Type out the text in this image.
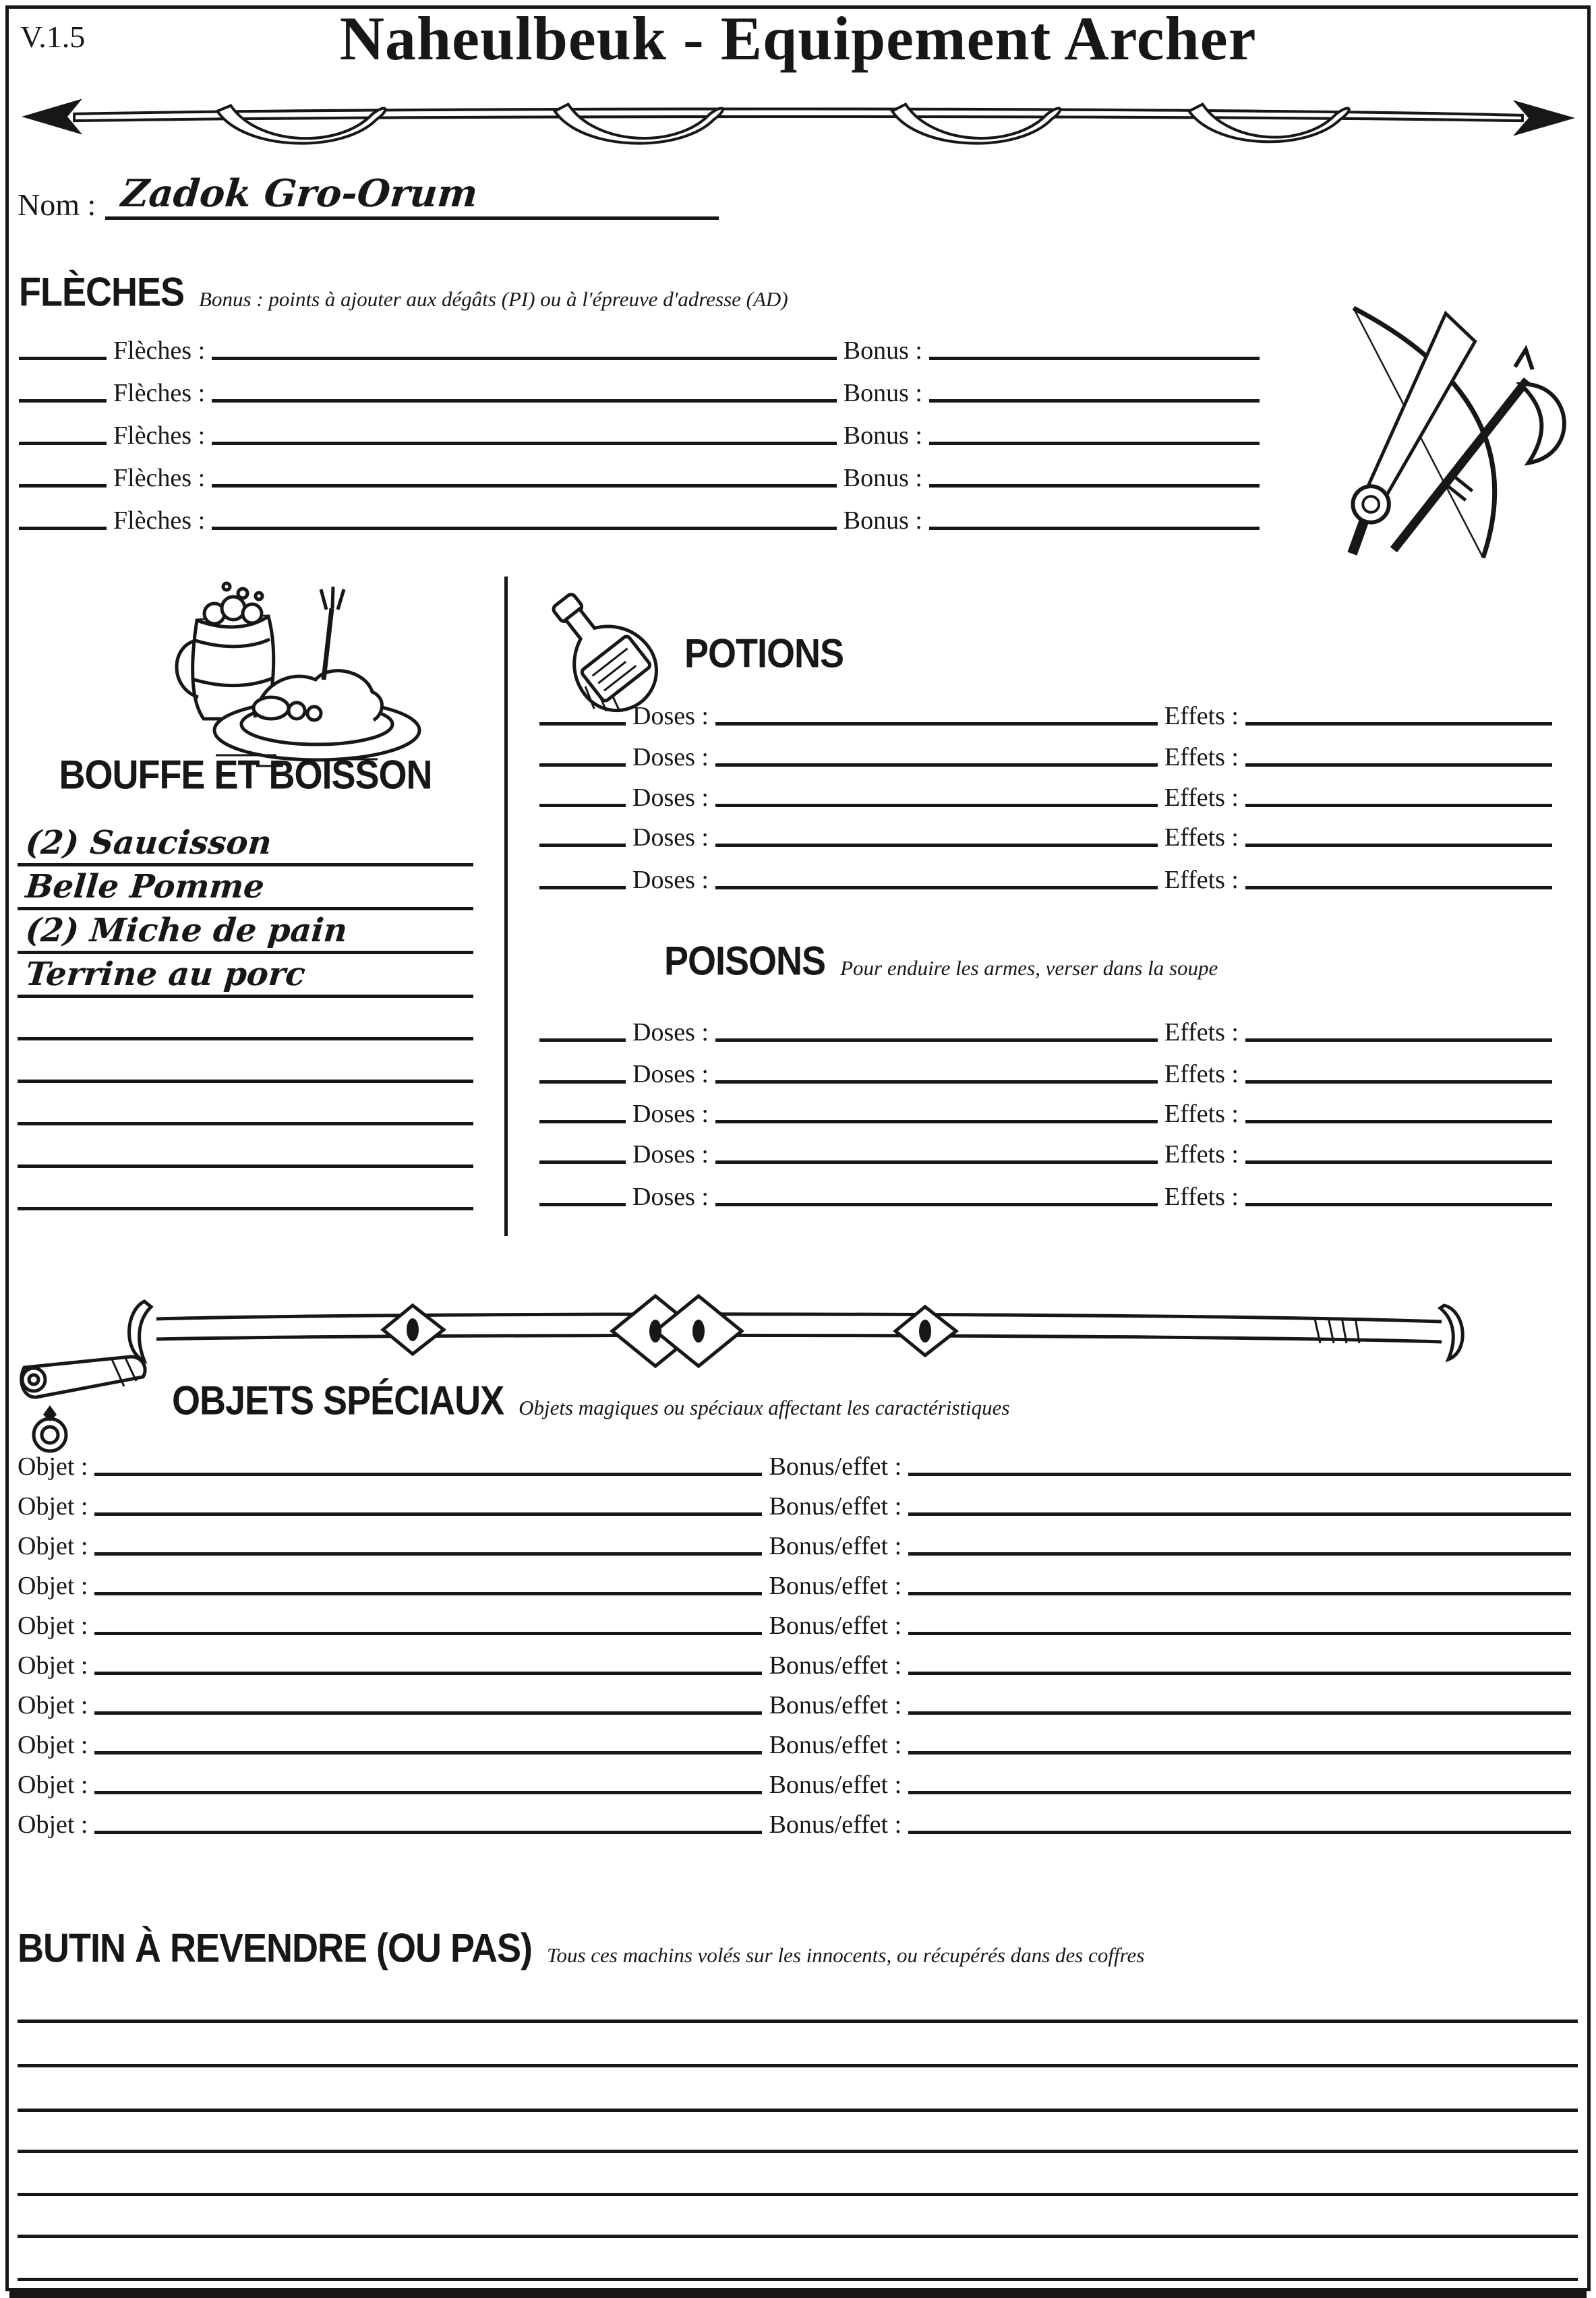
V.1.5	Naheulbeuk - Equipement Archer
Nom : Zadok Gro-Orum
FLÈCHES Bonus : points à ajouter aux dégâts (PI) ou à l'épreuve d'adresse (AD)
Flèches :	Bonus :
Flèches :	Bonus :
Flèches :	Bonus :
Flèches :	Bonus :
Flèches :	Bonus :
BOUFFE ET BOISSON
(2) Saucisson
Belle Pomme
(2) Miche de pain
Terrine au porc
POTIONS
Doses :	Effets :
Doses :	Effets :
Doses :	Effets :
Doses :	Effets :
Doses :	Effets :
POISONS Pour enduire les armes, verser dans la soupe
Doses :	Effets :
Doses :	Effets :
Doses :	Effets :
Doses :	Effets :
Doses :	Effets :
OBJETS SPÉCIAUX Objets magiques ou spéciaux affectant les caractéristiques
Objet :	Bonus/effet :
Objet :	Bonus/effet :
Objet :	Bonus/effet :
Objet :	Bonus/effet :
Objet :	Bonus/effet :
Objet :	Bonus/effet :
Objet :	Bonus/effet :
Objet :	Bonus/effet :
Objet :	Bonus/effet :
Objet :	Bonus/effet :
BUTIN À REVENDRE (OU PAS) Tous ces machins volés sur les innocents, ou récupérés dans des coffres
